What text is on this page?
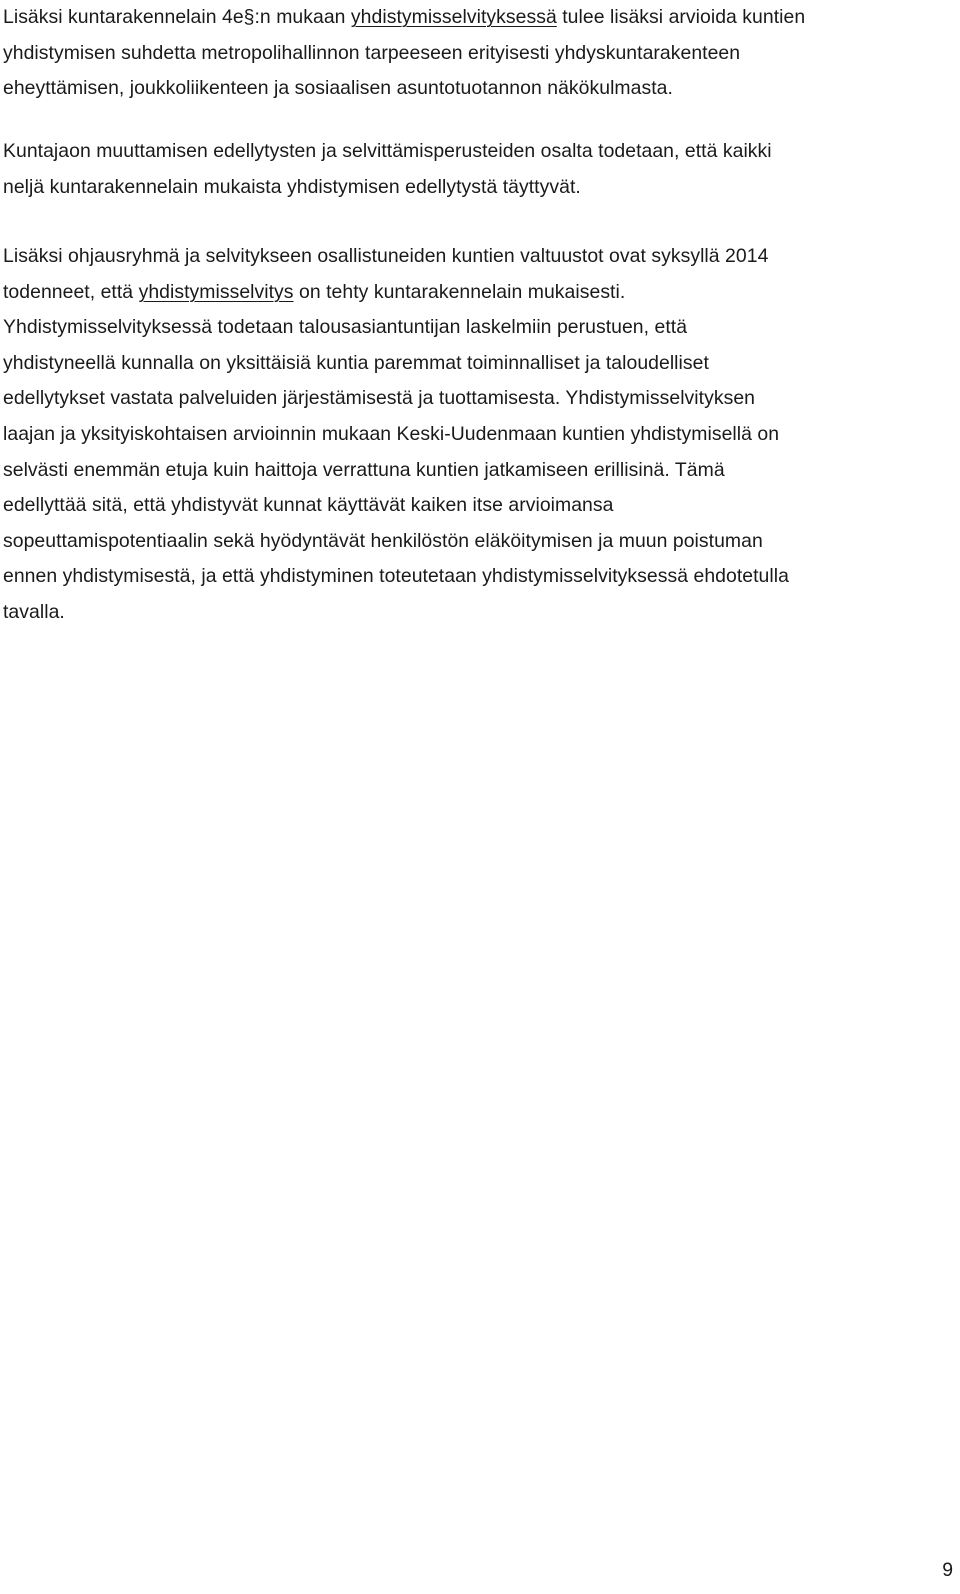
Lisäksi kuntarakennelain 4e§:n mukaan yhdistymisselvityksessä tulee lisäksi arvioida kuntien
yhdistymisen suhdetta metropolihallinnon tarpeeseen erityisesti yhdyskuntarakenteen
eheyttämisen, joukkoliikenteen ja sosiaalisen asuntotuotannon näkökulmasta.

Kuntajaon muuttamisen edellytysten ja selvittämisperusteiden osalta todetaan, että kaikki
neljä kuntarakennelain mukaista yhdistymisen edellytystä täyttyvät.

Lisäksi ohjausryhmä ja selvitykseen osallistuneiden kuntien valtuustot ovat syksyllä 2014
todenneet, että yhdistymisselvitys on tehty kuntarakennelain mukaisesti.
Yhdistymisselvityksessä todetaan talousasiantuntijan laskelmiin perustuen, että
yhdistyneellä kunnalla on yksittäisiä kuntia paremmat toiminnalliset ja taloudelliset
edellytykset vastata palveluiden järjestämisestä ja tuottamisesta. Yhdistymisselvityksen
laajan ja yksityiskohtaisen arvioinnin mukaan Keski-Uudenmaan kuntien yhdistymisellä on
selvästi enemmän etuja kuin haittoja verrattuna kuntien jatkamiseen erillisinä. Tämä
edellyttää sitä, että yhdistyvät kunnat käyttävät kaiken itse arvioimansa
sopeuttamispotentiaalin sekä hyödyntävät henkilöstön eläköitymisen ja muun poistuman
ennen yhdistymisestä, ja että yhdistyminen toteutetaan yhdistymisselvityksessä ehdotetulla
tavalla.

9
